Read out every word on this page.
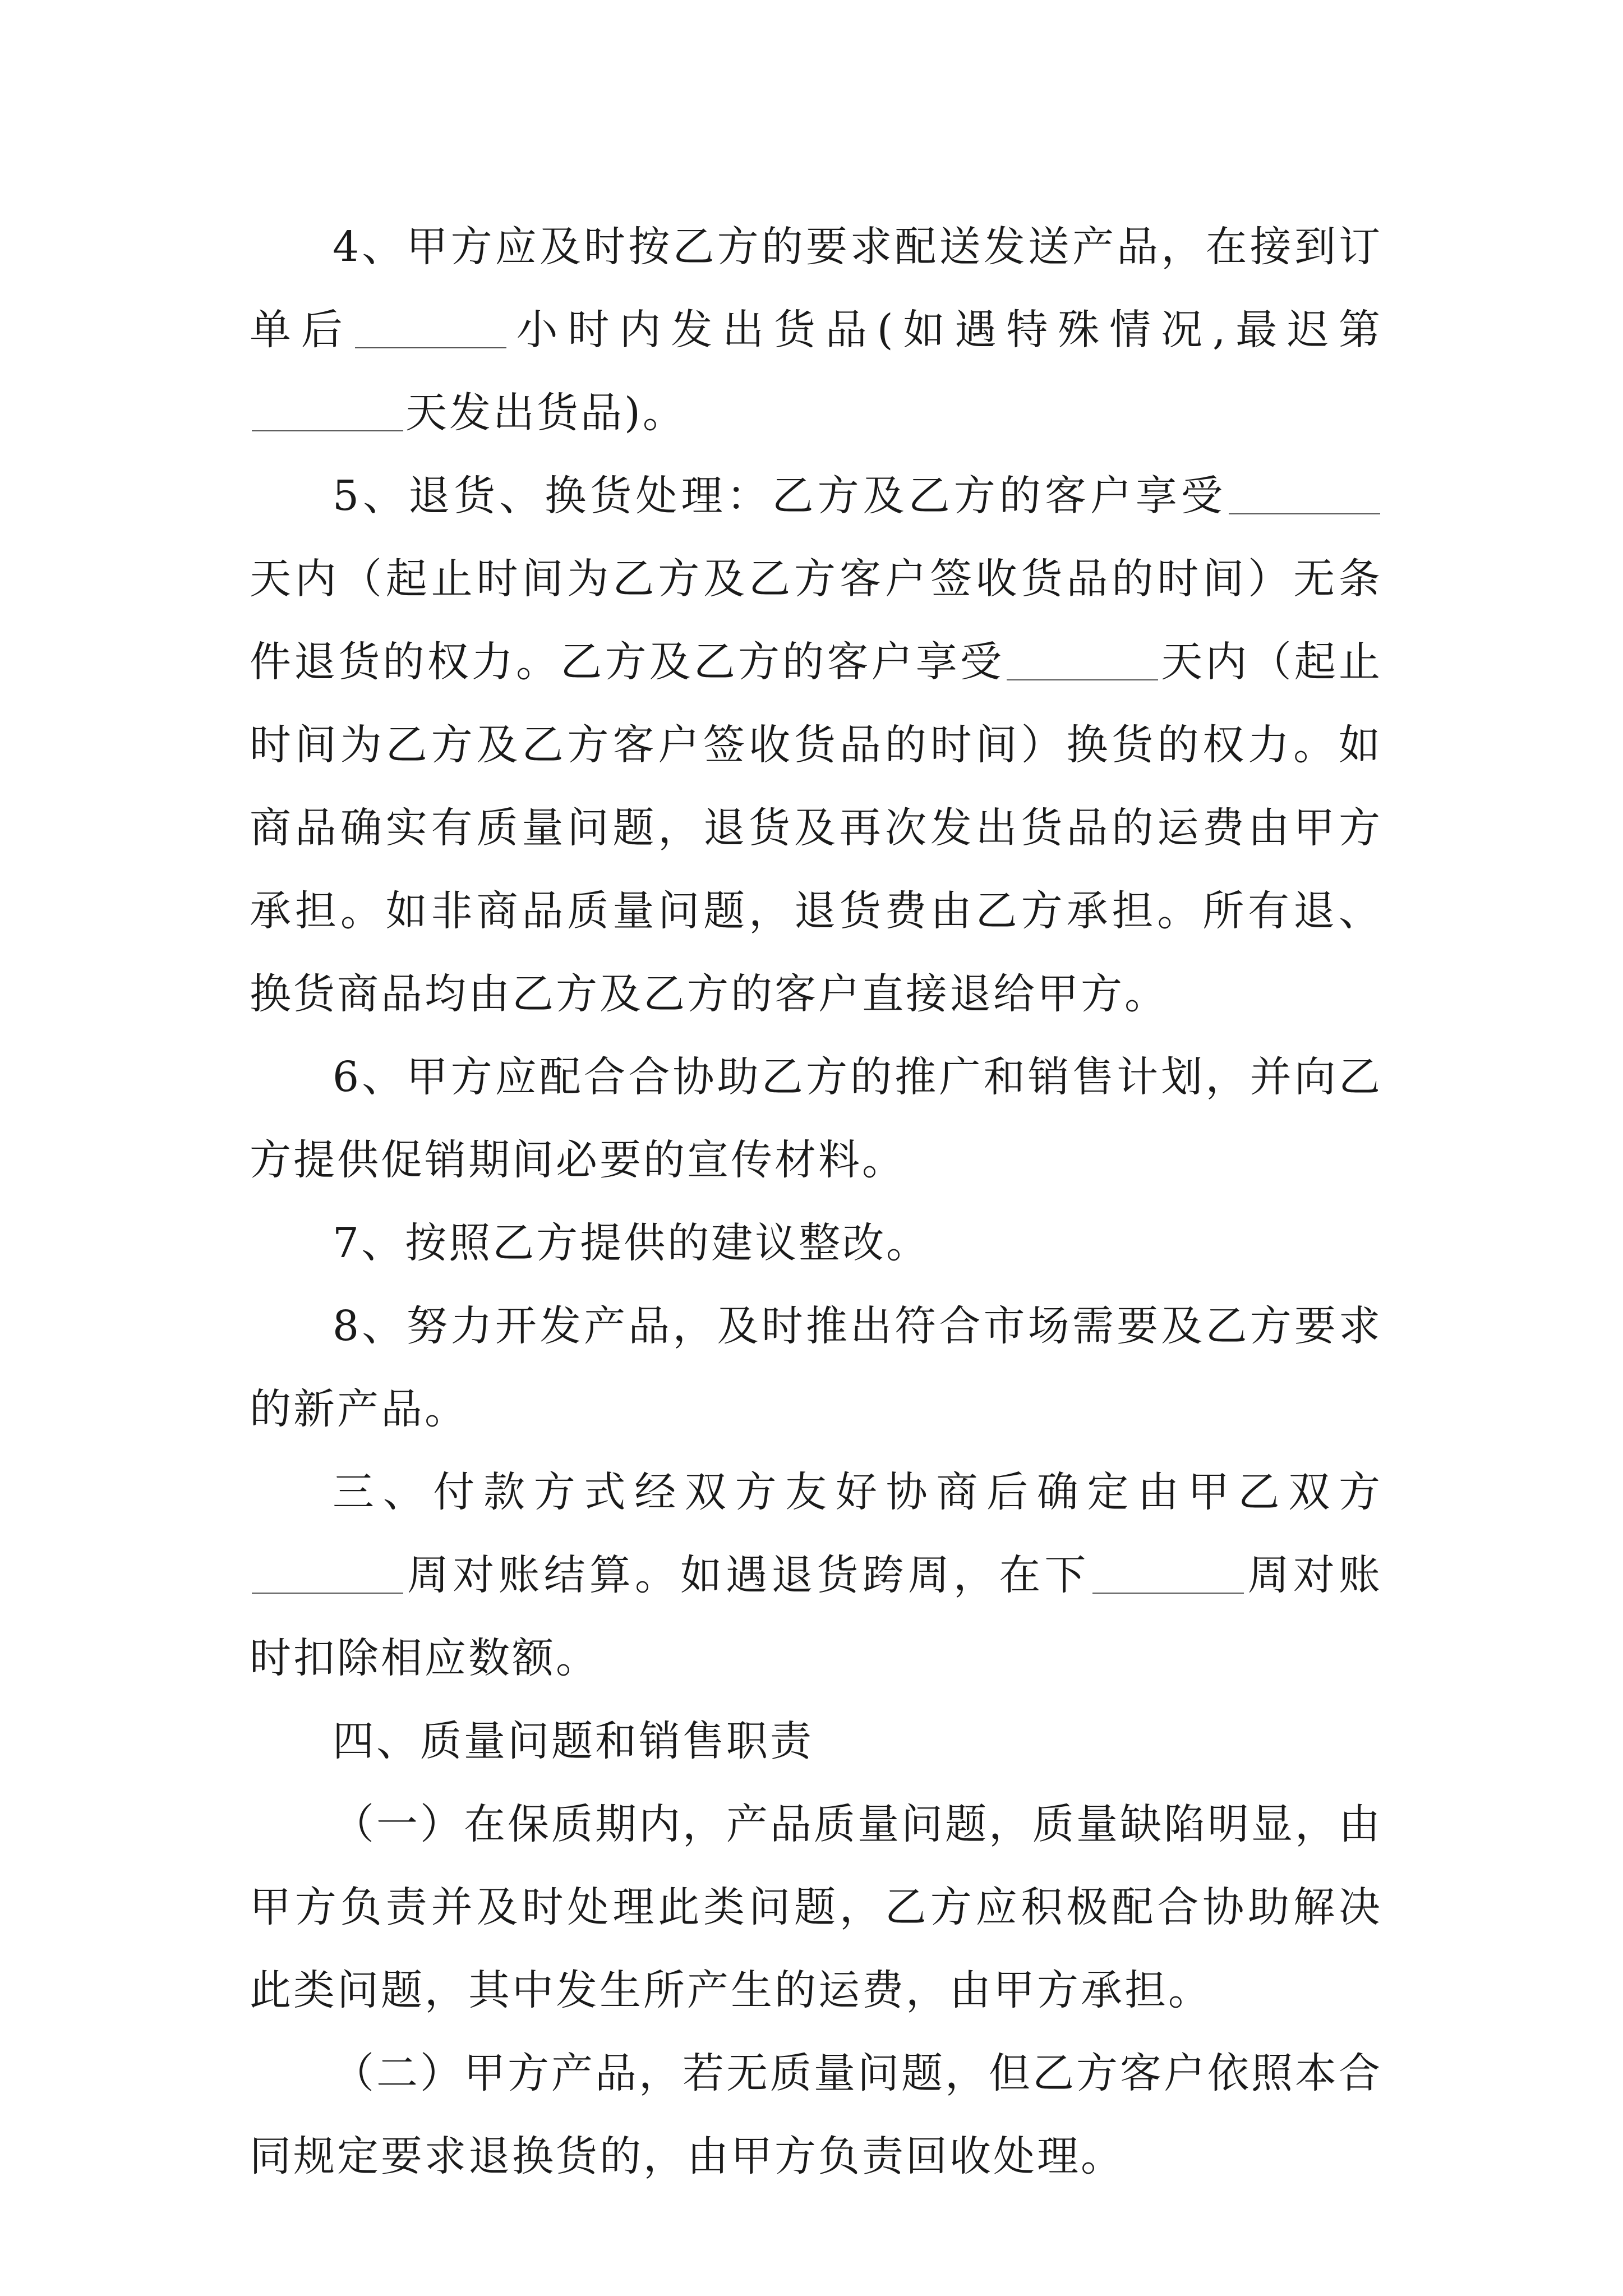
4、甲方应及时按乙方的要求配送发送产品，在接到订单后	小时内发出货品(如遇特殊情况,最迟第天发出货品)。

5、退货、换货处理：乙方及乙方的客户享受天内（起止时间为乙方及乙方客户签收货品的时间）无条件退货的权力。乙方及乙方的客户享受	天内（起止时间为乙方及乙方客户签收货品的时间）换货的权力。如商品确实有质量问题，退货及再次发出货品的运费由甲方承担。如非商品质量问题，退货费由乙方承担。所有退、换货商品均由乙方及乙方的客户直接退给甲方。

6、甲方应配合合协助乙方的推广和销售计划，并向乙方提供促销期间必要的宣传材料。

7、按照乙方提供的建议整改。

8、努力开发产品，及时推出符合市场需要及乙方要求的新产品。

三、付款方式经双方友好协商后确定由甲乙双方周对账结算。如遇退货跨周，在下	周对账时扣除相应数额。

四、质量问题和销售职责

（一）在保质期内，产品质量问题，质量缺陷明显，由甲方负责并及时处理此类问题，乙方应积极配合协助解决此类问题，其中发生所产生的运费，由甲方承担。

（二）甲方产品，若无质量问题，但乙方客户依照本合同规定要求退换货的，由甲方负责回收处理。
